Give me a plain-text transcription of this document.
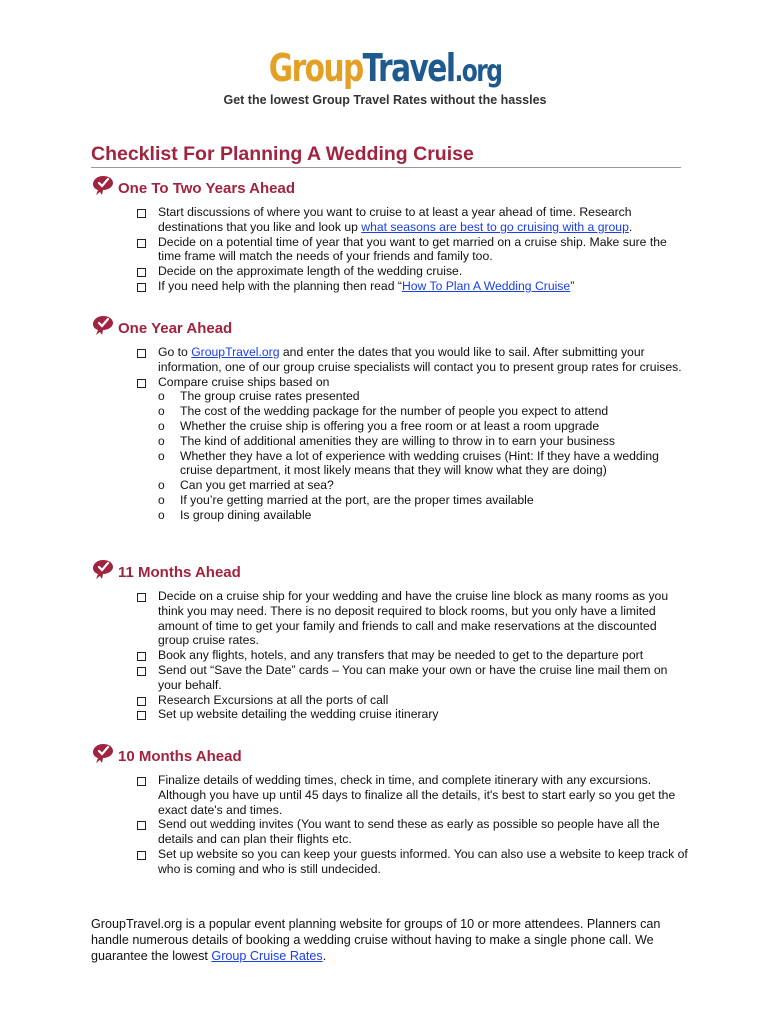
GroupTravel.org
Get the lowest Group Travel Rates without the hassles
Checklist For Planning A Wedding Cruise
One To Two Years Ahead
Start discussions of where you want to cruise to at least a year ahead of time. Research destinations that you like and look up what seasons are best to go cruising with a group.
Decide on a potential time of year that you want to get married on a cruise ship. Make sure the time frame will match the needs of your friends and family too.
Decide on the approximate length of the wedding cruise.
If you need help with the planning then read “How To Plan A Wedding Cruise”
One Year Ahead
Go to GroupTravel.org and enter the dates that you would like to sail. After submitting your information, one of our group cruise specialists will contact you to present group rates for cruises.
Compare cruise ships based on
o The group cruise rates presented
o The cost of the wedding package for the number of people you expect to attend
o Whether the cruise ship is offering you a free room or at least a room upgrade
o The kind of additional amenities they are willing to throw in to earn your business
o Whether they have a lot of experience with wedding cruises (Hint: If they have a wedding cruise department, it most likely means that they will know what they are doing)
o Can you get married at sea?
o If you’re getting married at the port, are the proper times available
o Is group dining available
11 Months Ahead
Decide on a cruise ship for your wedding and have the cruise line block as many rooms as you think you may need. There is no deposit required to block rooms, but you only have a limited amount of time to get your family and friends to call and make reservations at the discounted group cruise rates.
Book any flights, hotels, and any transfers that may be needed to get to the departure port
Send out “Save the Date” cards – You can make your own or have the cruise line mail them on your behalf.
Research Excursions at all the ports of call
Set up website detailing the wedding cruise itinerary
10 Months Ahead
Finalize details of wedding times, check in time, and complete itinerary with any excursions. Although you have up until 45 days to finalize all the details, it's best to start early so you get the exact date's and times.
Send out wedding invites (You want to send these as early as possible so people have all the details and can plan their flights etc.
Set up website so you can keep your guests informed. You can also use a website to keep track of who is coming and who is still undecided.
GroupTravel.org is a popular event planning website for groups of 10 or more attendees. Planners can handle numerous details of booking a wedding cruise without having to make a single phone call. We guarantee the lowest Group Cruise Rates.
